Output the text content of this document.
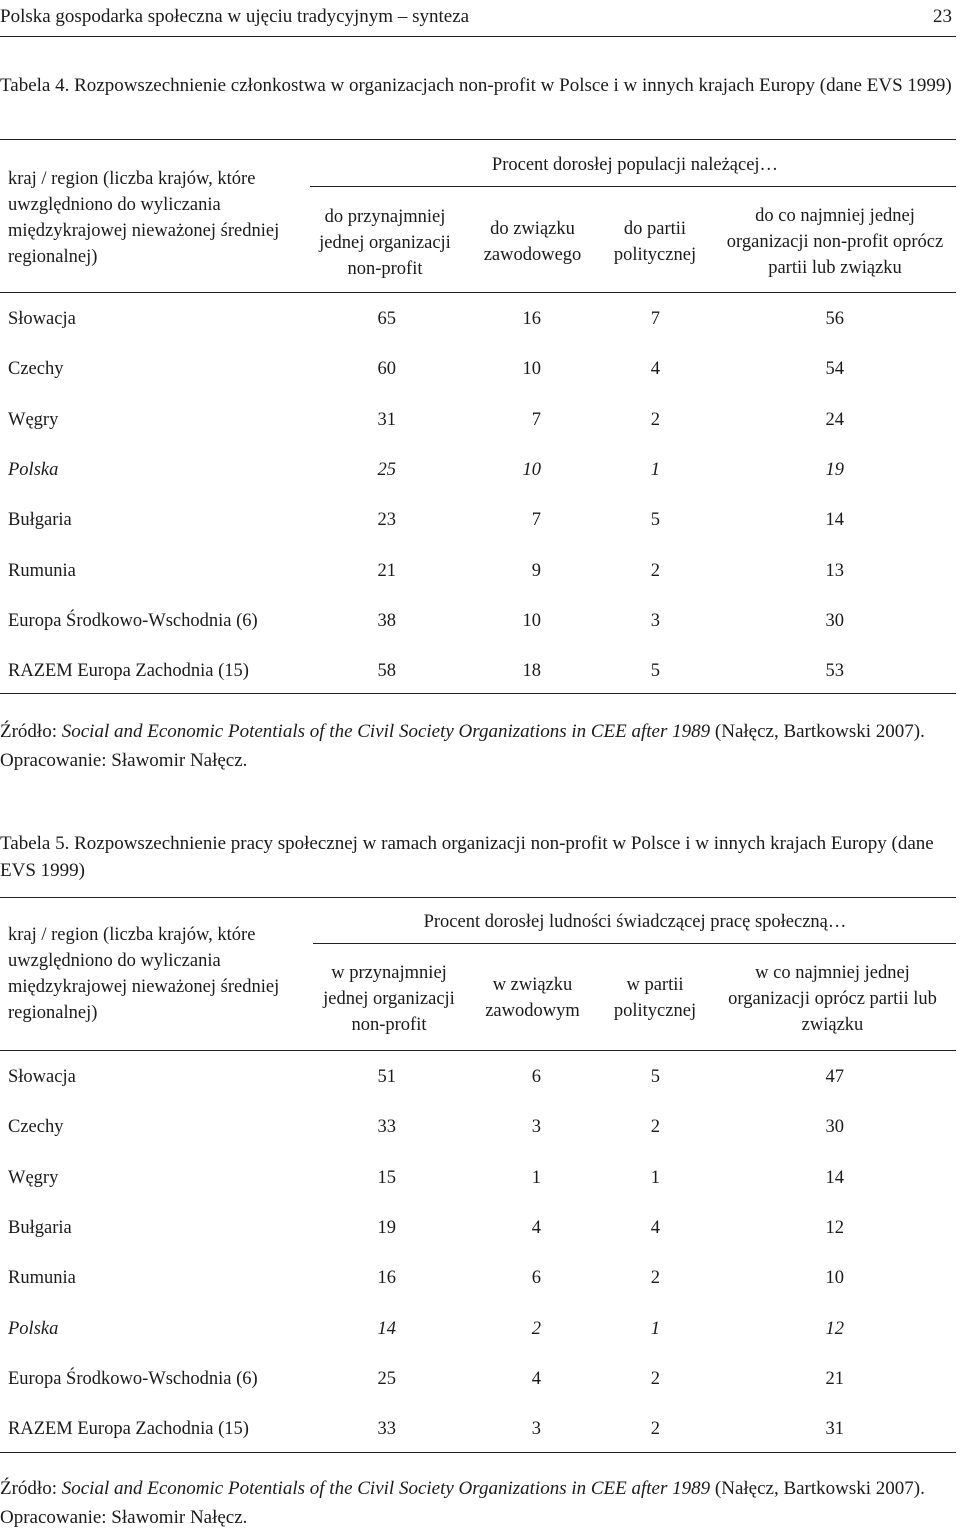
Polska gospodarka społeczna w ujęciu tradycyjnym – synteza	23
Tabela 4. Rozpowszechnienie członkostwa w organizacjach non-profit w Polsce i w innych krajach Europy (dane EVS 1999)
kraj / region (liczba krajów, które uwzględniono do wyliczania międzykrajowej nieważonej średniej regionalnej)
Procent dorosłej populacji należącej…
do przynajmniej jednej organizacji non-profit
do związku zawodowego
do partii politycznej
do co najmniej jednej organizacji non-profit oprócz partii lub związku
Słowacja	65	16	7	56
Czechy	60	10	4	54
Węgry	31	7	2	24
Polska	25	10	1	19
Bułgaria	23	7	5	14
Rumunia	21	9	2	13
Europa Środkowo-Wschodnia (6)	38	10	3	30
RAZEM Europa Zachodnia (15)	58	18	5	53
Źródło: Social and Economic Potentials of the Civil Society Organizations in CEE after 1989 (Nałęcz, Bartkowski 2007). Opracowanie: Sławomir Nałęcz.
Tabela 5. Rozpowszechnienie pracy społecznej w ramach organizacji non-profit w Polsce i w innych krajach Europy (dane EVS 1999)
kraj / region (liczba krajów, które uwzględniono do wyliczania międzykrajowej nieważonej średniej regionalnej)
Procent dorosłej ludności świadczącej pracę społeczną…
w przynajmniej jednej organizacji non-profit
w związku zawodowym
w partii politycznej
w co najmniej jednej organizacji oprócz partii lub związku
Słowacja	51	6	5	47
Czechy	33	3	2	30
Węgry	15	1	1	14
Bułgaria	19	4	4	12
Rumunia	16	6	2	10
Polska	14	2	1	12
Europa Środkowo-Wschodnia (6)	25	4	2	21
RAZEM Europa Zachodnia (15)	33	3	2	31
Źródło: Social and Economic Potentials of the Civil Society Organizations in CEE after 1989 (Nałęcz, Bartkowski 2007). Opracowanie: Sławomir Nałęcz.
